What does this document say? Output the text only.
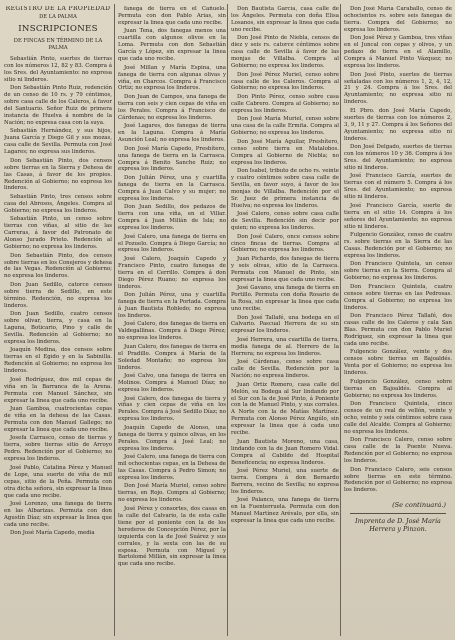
REGISTRO DE LA PROPIEDAD
DE LA PALMA
INSCRIPCIONES
DE FINCAS EN TÉRMINO DE LA PALMA

Sebastián Pinto, suertes de tierras con los números 12, 82 y 83. Compra á los Sres. del Ayuntamiento: no expresa sitio ni linderos.

Don Sebastián Pinto Ruiz, redención de un censo de 10 rs. y 79 céntimos, sobre casa calle de los Caleros, á favor del Santuario. Señor Ruiz de primera instancia de Huelva á nombre de la Nación; no expresa casa con la suya.

Sebastián Hernández, y sus hijos, Juana García y Diego Gil y sus mozas, casa calle de Sevilla. Permuta con José Lagares; no expresa sus linderos.

Don Sebastián Pinto, dos censos sobre tierras en la Sierra y Dehesa de las Casas, á favor de los propios. Redención al Gobierno; no expresa los linderos.

Sebastián Pinto, tres censos sobre casa del Abrosos, Ángeles. Compra al Gobierno; no expresa los linderos.

Sebastián Pinto, un censo sobre tierras con viñas, al sitio de las Carreras, á favor del Patronato de Alonso Jurado Prieto. Redención al Gobierno; no expresa los linderos.

Don Sebastián Pinto, dos censos sobre tierras en los Conejeros y dehesa de las Vegas. Redención al Gobierno; no expresa los linderos.

Don Juan Sedillo, catorce censos sobre tierra de Sedillo, en este término. Redención, no expresa los linderos.

Don Juan Sedillo, cuatro censos sobre olivar, tierra, y casa en la Laguna, Boticario, Pino y calle de Sevilla. Redención al Gobierno; no expresa los linderos.

Joaquín Medina, dos censos sobre tierras en el Egido y en la Sabinilla. Redención al Gobierno; no expresa los linderos.

José Rodríguez, dos mil cepas de viña en la Barranca de la Arena. Permuta con Manuel Sánchez, sin expresar la linea que cada uno recibe.

Juan Gamboa, cuatrocientas cepas de viña en la dehesa de las Casas. Permuta con don Manuel Gallego; no expresar la linea que cada uno recibe.

Josefa Carrasco, censo de tierras y tierra, sobre tierras sitio de Arroyo Pedro. Redención por el Gobierno; no expresa los linderos.

José Pablo, Catalina Pérez y Manuel de Lope, una suerte de viña de mil cepas, sitio de la Peña. Permuta con otra dicha señora, sin expresar la linea que cada uno recibe.

José Lorenzo, una fanega de tierra en las Albarizas. Permuta con don Agustín Díaz; sin expresar la linea que cada uno recibe.

Don José María Capedo, media

fanega de tierra en el Cañuelo. Permuta con don Pablo Arias, sin expresar la linea que cada uno recibe.

Juan Tena, dos fanegas menos una cuartilla con algunos olivos en la Loma. Permuta con don Sebastián García y López, sin expresar la linea que cada uno recibe.

José Millan y María Espina, una fanega de tierra con algunas olivas y viña, en Charcos. Compra á Francisco Ortiz; no expresa los linderos.

Don Juan de Campos, una fanega de tierra con seis y cien cepas de viña en los Perales. Compra á Francisco de Cárdenas; no expresa los linderos.

José Lagares, dos fanegas de tierra en la Laguna. Compra á María Asunción Leal; no expresa los linderos.

Don José María Capedo, Presbítero, una fanega de tierra en la Carrasca. Compra á Benito Sanche Ruiz; no expresa los linderos.

Don Julián Pérez, una y cuartilla fanega de tierra en la Carrasca. Compra á Juan Calvo y su mujer; no expresa los linderos.

Don Juan Sedillo, dos pedazos de tierra con una viña, en el Villar. Compra á Juan Millán de Isla; no expresa los linderos.

José Calero, una fanega de tierra en el Pozuelo. Compra á Diego García; no expresa los linderos.

José Calero, Joaquín Capedo y Francisco Pinto, cuatro fanegas de tierra en el Cerrillo. Compra á don Diego Pérez Ruano; no expresa los linderos.

Don Julián Pérez, una y cuartilla fanega de tierra en la Portada. Compra á Juan Bautista Robledo; no expresa los linderos.

José Calero, dos fanegas de tierra en Valdegallinas. Compra á Diego Pérez; no expresa los linderos.

Juan Calero, dos fanegas de tierra en el Pradillo. Compra á María de la Soledad Montaño; no expresa los linderos.

José Calvo, una fanega de tierra en Molinos. Compra á Manuel Díaz; no expresa los linderos.

José Calero, dos fanegas de tierra y viñas y cien cepas de viña en los Perales. Compra á José Sedillo Díaz; no expresa los linderos.

Joaquín Capedo de Alonso, una fanega de tierra y quince olivas, en los Perales. Compra á José Leal; no expresa los linderos.

José Calero, una fanega de tierra con mil ochocientas cepas, en la Dehesa de las Casas. Compra á Pedro Simon; no expresa los linderos.

Don José María Muriel, censo sobre tierras, en Rojo. Compra al Gobierno; no expresa los linderos.

José Pérez y consortes, dos casas en la calle del Calvario, la de esta calle tiene por el poniente con la de los herederos de Concepción Pérez, por la izquierda con la de José Suárez y sus corrales, y la sexta con las de su esposa. Permuta con Miguel y Bartolomé Millán, sin expresar la linea que cada uno recibe.

Don Bautista García, casa calle de los Ángeles. Permuta con doña Elisa Losanos, sin expresar la linea que cada uno recibe.

Don José Pinto de Niebla, censos de diez y seis rs. catorce céntimos sobre casa calle de Sevilla á favor de las monjas de Villalba. Compra al Gobierno; no expresa los linderos.

Don José Pérez Muriel, censo sobre casa calle de los Caleros. Compra al Gobierno; no expresa los linderos.

Don Pinto Pérez, censo sobre casa calle Cabrero. Compra al Gobierno; no expresa los linderos.

Don José María Muriel, censo sobre una casa de la calle Ermita. Compra al Gobierno; no expresa los linderos.

Don José María Aguilar, Presbítero, censo sobre tierra en Matalobos. Compra al Gobierno de Niebla; no expresa los linderos.

Don Isabel, tributo de ocho rs. veinte y cuatro céntimos sobre casa calle de Sevilla, en favor suyo, á favor de los monjas de Villalba. Redención por el Sr. Juez de primera instancia de Huelva; no expresa los linderos.

José Calero, censo sobre casa calle de Sevilla. Redención sin decir por quien; no expresa los linderos.

Don José Calero, once censos sobre cinco fincas de tierras. Compra al Gobierno; no expresa los linderos.

Juan Pichardo, dos fanegas de tierra y seis olivas, sitio de la Carrasca. Permuta con Manuel de Pinto, sin expresar la linea que cada uno recibe.

José Gavano, una fanega de tierra en Portillo. Permuta con doña Rosario de la Rosa, sin expresar la linea que cada uno recibe.

Don José Tallafé, una bodega en el Calvario. Pascual Herrera de su sin expresar los linderos.

José Herrera, una cuartilla de tierra, media fanega de al. Herrero de la Herrera; no expresa los linderos.

José Cárdenas, censo sobre casa calle de Sevilla. Redención por la Nación; no expresa linderos.

Juan Ortiz Romero, casa calle del Melón, su Bodega al Sur lindando por el Sur con la de José Pinto, á Poniente con la de Manuel Pinto, y sus corrales. A Norte con la de Matías Martínez. Permuta con Alonso Pérez Angúlo, sin expresar la linea que á cada uno recibe.

Juan Bautista Moreno, una casa, lindando con la de Juan Romero Vidal. Compra al Cabildo del Hospital Beneficencia; no expresa linderos.

José Pérez Muriel, una suerte de tierra. Compra á don Bernardo Barrera, vecino de Sevilla; no expresa los linderos.

José Palanco, una fanega de tierra en la Fuenterruela. Permuta con don Manuel Martínez Arévalo, por ella, sin expresar la linea que cada uno recibe.

Don José María Caraballo, censo de ochocientos rs. sobre seis fanegas de tierra. Compra del Gobierno; no expresa los linderos.

Don José Pérez y Gamboa, tres viñas en el Juncal con cepas y olivos, y un pedazo de tierra en el Alamillo, Compra á Manuel Pinto Vázquez; no expresa los linderos.

Don José Pinto, suertes de tierras señaladas con los números 1, 2, 4, 12, 21 y 24. Compra á los Sres. del Ayuntamiento; no expresa sitio ni linderos.

El Pbro. don José María Capedo, suertes de tierras con los números 2, 3, 9, 11 y 27. Compra á los Señores del Ayuntamiento; no expresa sitio ni linderos.

Don José Delgado, suertes de tierras con los números 10 y 36. Compra á los Sres. del Ayuntamiento; no expresa sitio ni linderos.

José Francisco García, suertes de tierras con el número 5. Compra á los Sres. del Ayuntamiento; no expresa sitio ni linderos.

José Francisco García, suerte de tierra en el sitio 14. Compra á los señores del Ayuntamiento; no expresa sitio ni linderos.

Fulgencio González, censo de cuatro rs. sobre tierras en la Sierra de las Casas. Redención por el Gobierno; no expresa los linderos.

Don Francisco Quintela, un censo sobre tierras en la Sierra. Compra al Gobierno; no expresa los linderos.

Don Francisco Quintela, cuatro censos sobre tierras en las Pedrosas. Compra al Gobierno; no expresa los linderos.

Don Francisco Pérez Tallafé, dos casas calle de los Caleros y cala San Blas. Permuta con don Pablo Muriel Rodríguez, sin expresar la linea que cada uno recibe.

Fulgencio González, veinte y dos censos sobre tierras en Bajoaldés. Venta por el Gobierno; no expresa los linderos.

Fulgencio González, censo sobre tierras en Bajoaldés. Compra al Gobierno; no expresa los linderos.

Don Francisco Quintela, cinco censos de un real de vellón, veinte y ocho, veinte y seis céntimos sobre casa calle del Alcalde. Compra al Gobierno; no expresa los linderos.

Don Francisco Calero, censo sobre casa calle de la Puente Nueva. Redención por el Gobierno; no expresa los linderos.

Don Francisco Calero, seis censos sobre tierras en este término. Redención por el Gobierno; no expresa los linderos.

(Se continuará.)
Imprenta de D. José María
Herrera y Pinzon.
